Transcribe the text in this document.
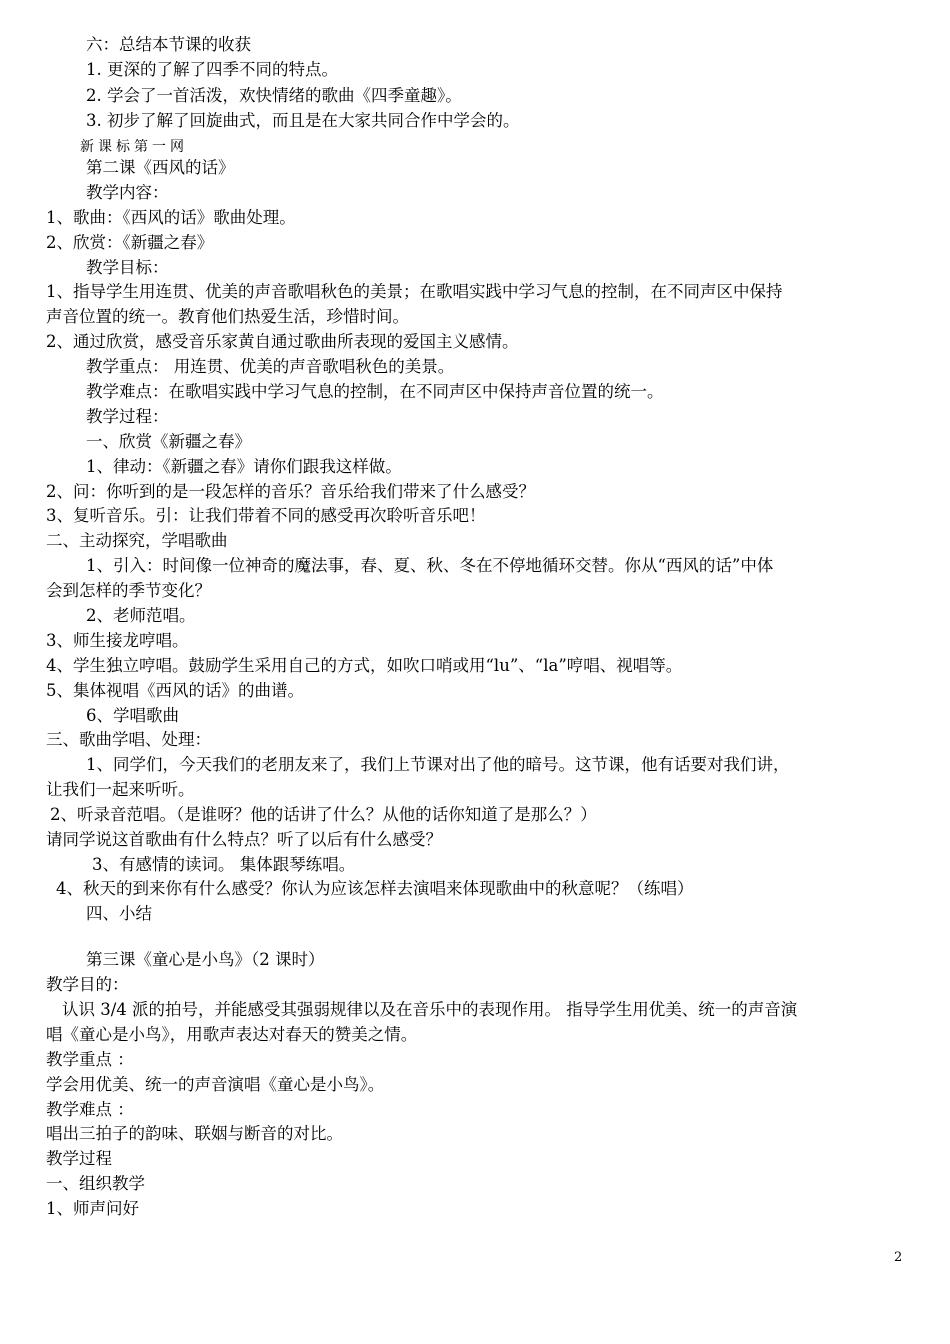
六：总结本节课的收获
1. 更深的了解了四季不同的特点。
2. 学会了一首活泼，欢快情绪的歌曲《四季童趣》。
3. 初步了解了回旋曲式，而且是在大家共同合作中学会的。
新课标第一网
第二课《西风的话》
教学内容：
1、歌曲：《西风的话》歌曲处理。
2、欣赏：《新疆之春》
教学目标：
1、指导学生用连贯、优美的声音歌唱秋色的美景；在歌唱实践中学习气息的控制，在不同声区中保持
声音位置的统一。教育他们热爱生活，珍惜时间。
2、通过欣赏，感受音乐家黄自通过歌曲所表现的爱国主义感情。
教学重点： 用连贯、优美的声音歌唱秋色的美景。
教学难点：在歌唱实践中学习气息的控制，在不同声区中保持声音位置的统一。
教学过程：
一、欣赏《新疆之春》
1、律动：《新疆之春》请你们跟我这样做。
2、问：你听到的是一段怎样的音乐？音乐给我们带来了什么感受？
3、复听音乐。引：让我们带着不同的感受再次聆听音乐吧！
二、主动探究，学唱歌曲
1、引入：时间像一位神奇的魔法事，春、夏、秋、冬在不停地循环交替。你从“西风的话”中体
会到怎样的季节变化？
2、老师范唱。
3、师生接龙哼唱。
4、学生独立哼唱。鼓励学生采用自己的方式，如吹口哨或用“lu”、“la”哼唱、视唱等。
5、集体视唱《西风的话》的曲谱。
6、学唱歌曲
三、歌曲学唱、处理：
1、同学们，今天我们的老朋友来了，我们上节课对出了他的暗号。这节课，他有话要对我们讲，
让我们一起来听听。
2、听录音范唱。（是谁呀？他的话讲了什么？从他的话你知道了是那么？）
请同学说这首歌曲有什么特点？听了以后有什么感受？
3、有感情的读词。 集体跟琴练唱。
4、秋天的到来你有什么感受？你认为应该怎样去演唱来体现歌曲中的秋意呢？（练唱）
四、小结
第三课《童心是小鸟》（2 课时）
教学目的：
认识 3/4 派的拍号，并能感受其强弱规律以及在音乐中的表现作用。 指导学生用优美、统一的声音演
唱《童心是小鸟》，用歌声表达对春天的赞美之情。
教学重点 ：
学会用优美、统一的声音演唱《童心是小鸟》。
教学难点 ：
唱出三拍子的韵味、联姻与断音的对比。
教学过程
一、组织教学
1、师声问好
2
